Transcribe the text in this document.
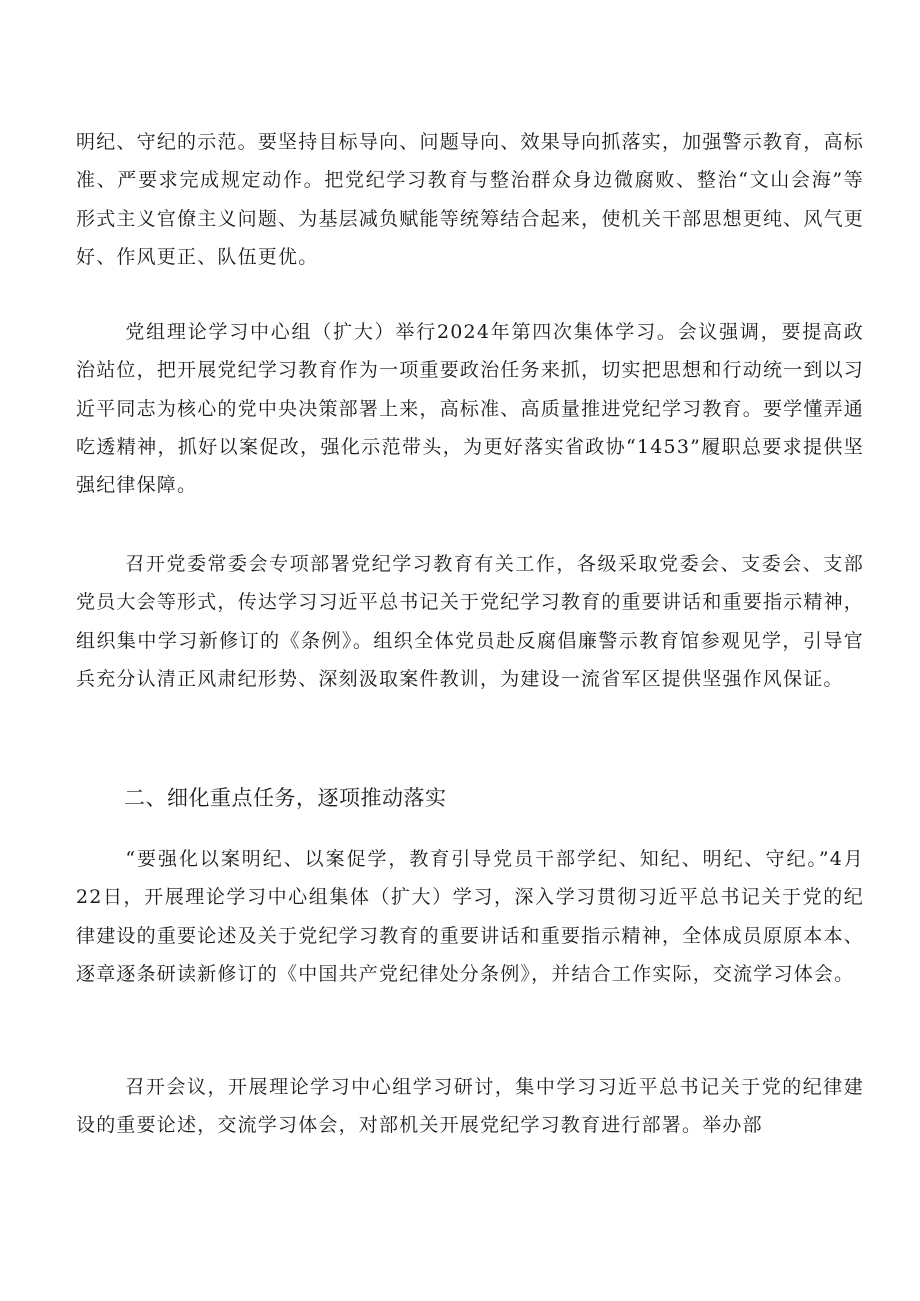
明纪、守纪的示范。要坚持目标导向、问题导向、效果导向抓落实，加强警示教育，高标准、严要求完成规定动作。把党纪学习教育与整治群众身边微腐败、整治“文山会海”等形式主义官僚主义问题、为基层减负赋能等统筹结合起来，使机关干部思想更纯、风气更好、作风更正、队伍更优。

党组理论学习中心组（扩大）举行2024年第四次集体学习。会议强调，要提高政治站位，把开展党纪学习教育作为一项重要政治任务来抓，切实把思想和行动统一到以习近平同志为核心的党中央决策部署上来，高标准、高质量推进党纪学习教育。要学懂弄通吃透精神，抓好以案促改，强化示范带头，为更好落实省政协“1453”履职总要求提供坚强纪律保障。

召开党委常委会专项部署党纪学习教育有关工作，各级采取党委会、支委会、支部党员大会等形式，传达学习习近平总书记关于党纪学习教育的重要讲话和重要指示精神，组织集中学习新修订的《条例》。组织全体党员赴反腐倡廉警示教育馆参观见学，引导官兵充分认清正风肃纪形势、深刻汲取案件教训，为建设一流省军区提供坚强作风保证。

二、细化重点任务，逐项推动落实

“要强化以案明纪、以案促学，教育引导党员干部学纪、知纪、明纪、守纪。”4月22日，开展理论学习中心组集体（扩大）学习，深入学习贯彻习近平总书记关于党的纪律建设的重要论述及关于党纪学习教育的重要讲话和重要指示精神，全体成员原原本本、逐章逐条研读新修订的《中国共产党纪律处分条例》，并结合工作实际，交流学习体会。

召开会议，开展理论学习中心组学习研讨，集中学习习近平总书记关于党的纪律建设的重要论述，交流学习体会，对部机关开展党纪学习教育进行部署。举办部
